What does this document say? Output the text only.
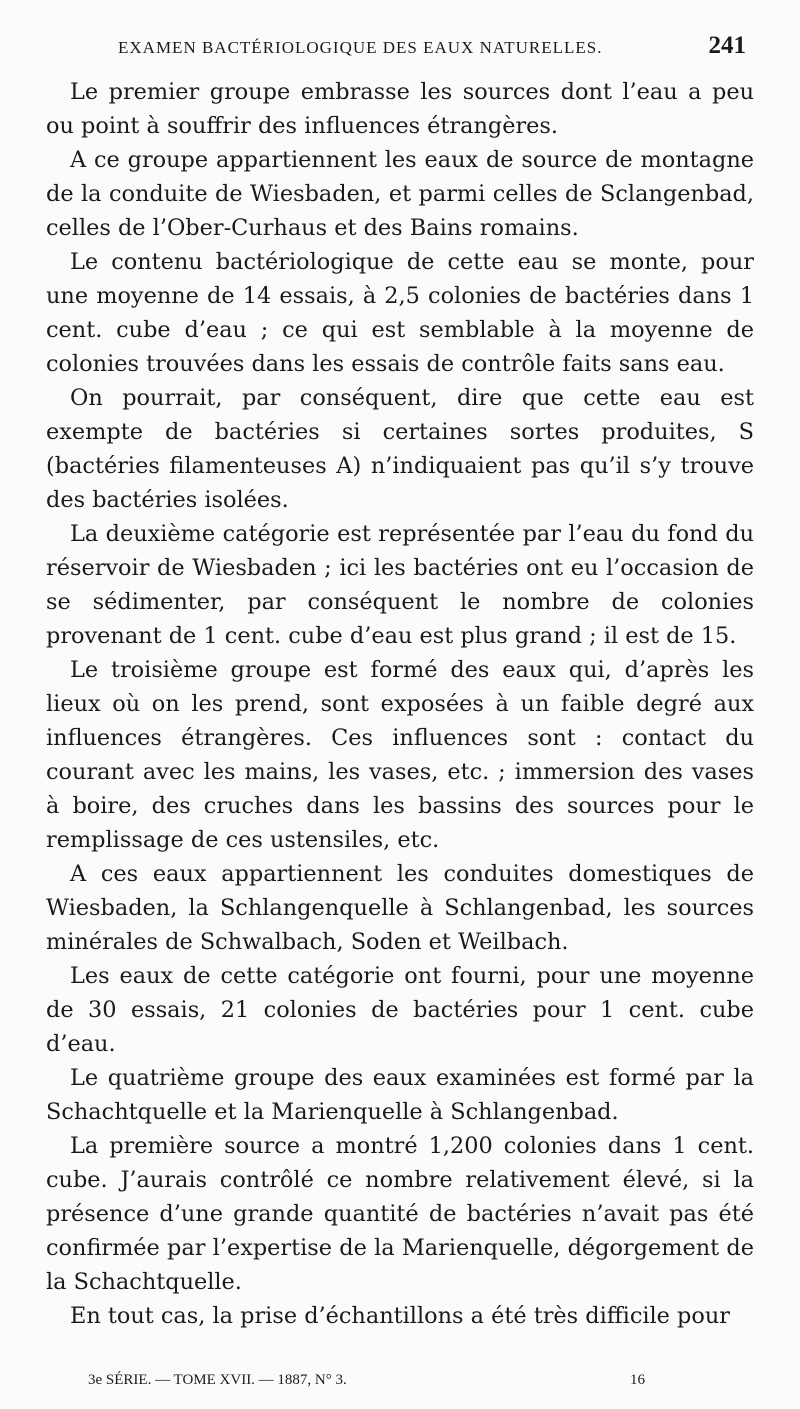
EXAMEN BACTÉRIOLOGIQUE DES EAUX NATURELLES.	241

Le premier groupe embrasse les sources dont l’eau a peu ou point à souffrir des influences étrangères.

A ce groupe appartiennent les eaux de source de montagne de la conduite de Wiesbaden, et parmi celles de Sclangenbad, celles de l’Ober-Curhaus et des Bains romains.

Le contenu bactériologique de cette eau se monte, pour une moyenne de 14 essais, à 2,5 colonies de bactéries dans 1 cent. cube d’eau ; ce qui est semblable à la moyenne de colonies trouvées dans les essais de contrôle faits sans eau.

On pourrait, par conséquent, dire que cette eau est exempte de bactéries si certaines sortes produites, S (bactéries filamenteuses A) n’indiquaient pas qu’il s’y trouve des bactéries isolées.

La deuxième catégorie est représentée par l’eau du fond du réservoir de Wiesbaden ; ici les bactéries ont eu l’occasion de se sédimenter, par conséquent le nombre de colonies provenant de 1 cent. cube d’eau est plus grand ; il est de 15.

Le troisième groupe est formé des eaux qui, d’après les lieux où on les prend, sont exposées à un faible degré aux influences étrangères. Ces influences sont : contact du courant avec les mains, les vases, etc. ; immersion des vases à boire, des cruches dans les bassins des sources pour le remplissage de ces ustensiles, etc.

A ces eaux appartiennent les conduites domestiques de Wiesbaden, la Schlangenquelle à Schlangenbad, les sources minérales de Schwalbach, Soden et Weilbach.

Les eaux de cette catégorie ont fourni, pour une moyenne de 30 essais, 21 colonies de bactéries pour 1 cent. cube d’eau.

Le quatrième groupe des eaux examinées est formé par la Schachtquelle et la Marienquelle à Schlangenbad.

La première source a montré 1,200 colonies dans 1 cent. cube. J’aurais contrôlé ce nombre relativement élevé, si la présence d’une grande quantité de bactéries n’avait pas été confirmée par l’expertise de la Marienquelle, dégorgement de la Schachtquelle.

En tout cas, la prise d’échantillons a été très difficile pour

3e SÉRIE. — TOME XVII. — 1887, N° 3.	16
